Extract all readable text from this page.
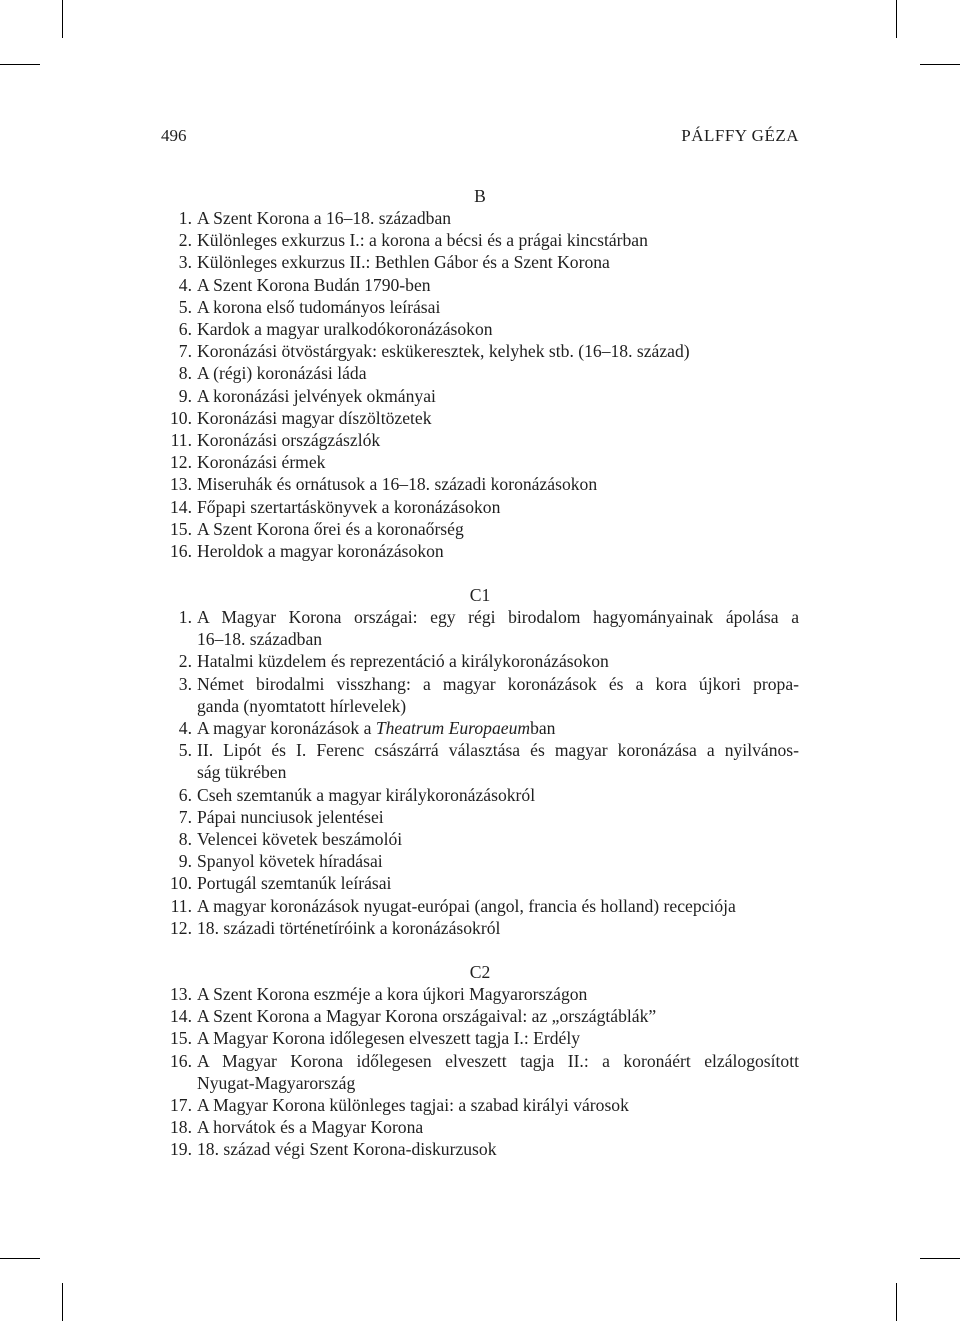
496	PÁLFFY GÉZA
B
1. A Szent Korona a 16–18. században
2. Különleges exkurzus I.: a korona a bécsi és a prágai kincstárban
3. Különleges exkurzus II.: Bethlen Gábor és a Szent Korona
4. A Szent Korona Budán 1790-ben
5. A korona első tudományos leírásai
6. Kardok a magyar uralkodókoronázásokon
7. Koronázási ötvöstárgyak: eskükeresztek, kelyhek stb. (16–18. század)
8. A (régi) koronázási láda
9. A koronázási jelvények okmányai
10. Koronázási magyar díszöltözetek
11. Koronázási országzászlók
12. Koronázási érmek
13. Miseruhák és ornátusok a 16–18. századi koronázásokon
14. Főpapi szertartáskönyvek a koronázásokon
15. A Szent Korona őrei és a koronaőrség
16. Heroldok a magyar koronázásokon
C1
1. A Magyar Korona országai: egy régi birodalom hagyományainak ápolása a
16–18. században
2. Hatalmi küzdelem és reprezentáció a királykoronázásokon
3. Német birodalmi visszhang: a magyar koronázások és a kora újkori propa-
ganda (nyomtatott hírlevelek)
4. A magyar koronázások a Theatrum Europaeumban
5. II. Lipót és I. Ferenc császárrá választása és magyar koronázása a nyilvános-
ság tükrében
6. Cseh szemtanúk a magyar királykoronázásokról
7. Pápai nunciusok jelentései
8. Velencei követek beszámolói
9. Spanyol követek híradásai
10. Portugál szemtanúk leírásai
11. A magyar koronázások nyugat-európai (angol, francia és holland) recepciója
12. 18. századi történetíróink a koronázásokról
C2
13. A Szent Korona eszméje a kora újkori Magyarországon
14. A Szent Korona a Magyar Korona országaival: az „országtáblák”
15. A Magyar Korona időlegesen elveszett tagja I.: Erdély
16. A Magyar Korona időlegesen elveszett tagja II.: a koronáért elzálogosított
Nyugat-Magyarország
17. A Magyar Korona különleges tagjai: a szabad királyi városok
18. A horvátok és a Magyar Korona
19. 18. század végi Szent Korona-diskurzusok
